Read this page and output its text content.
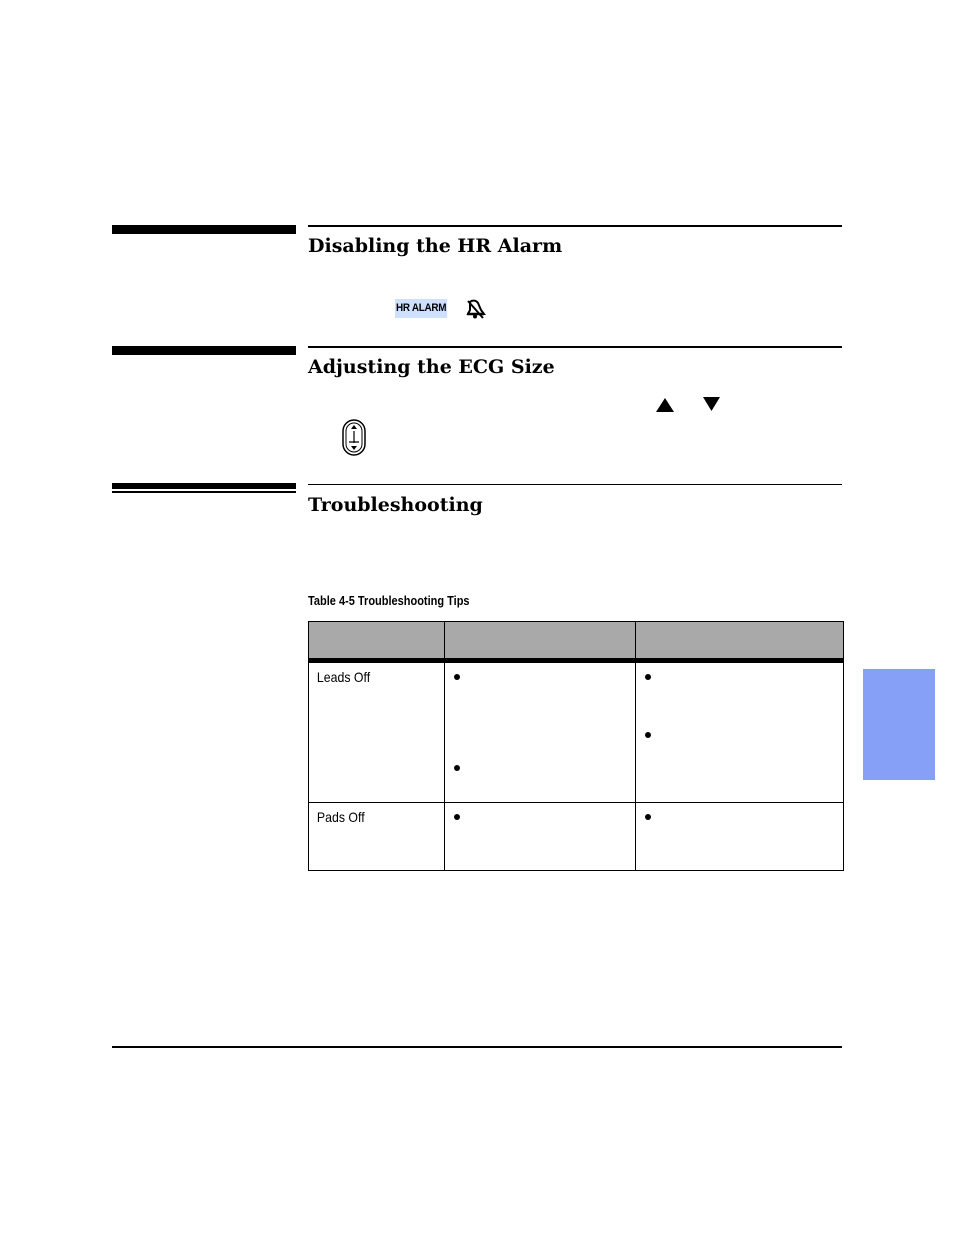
Disabling the HR Alarm
HR ALARM
Adjusting the ECG Size
Troubleshooting
Table 4-5 Troubleshooting Tips

Leads Off		

Pads Off		
